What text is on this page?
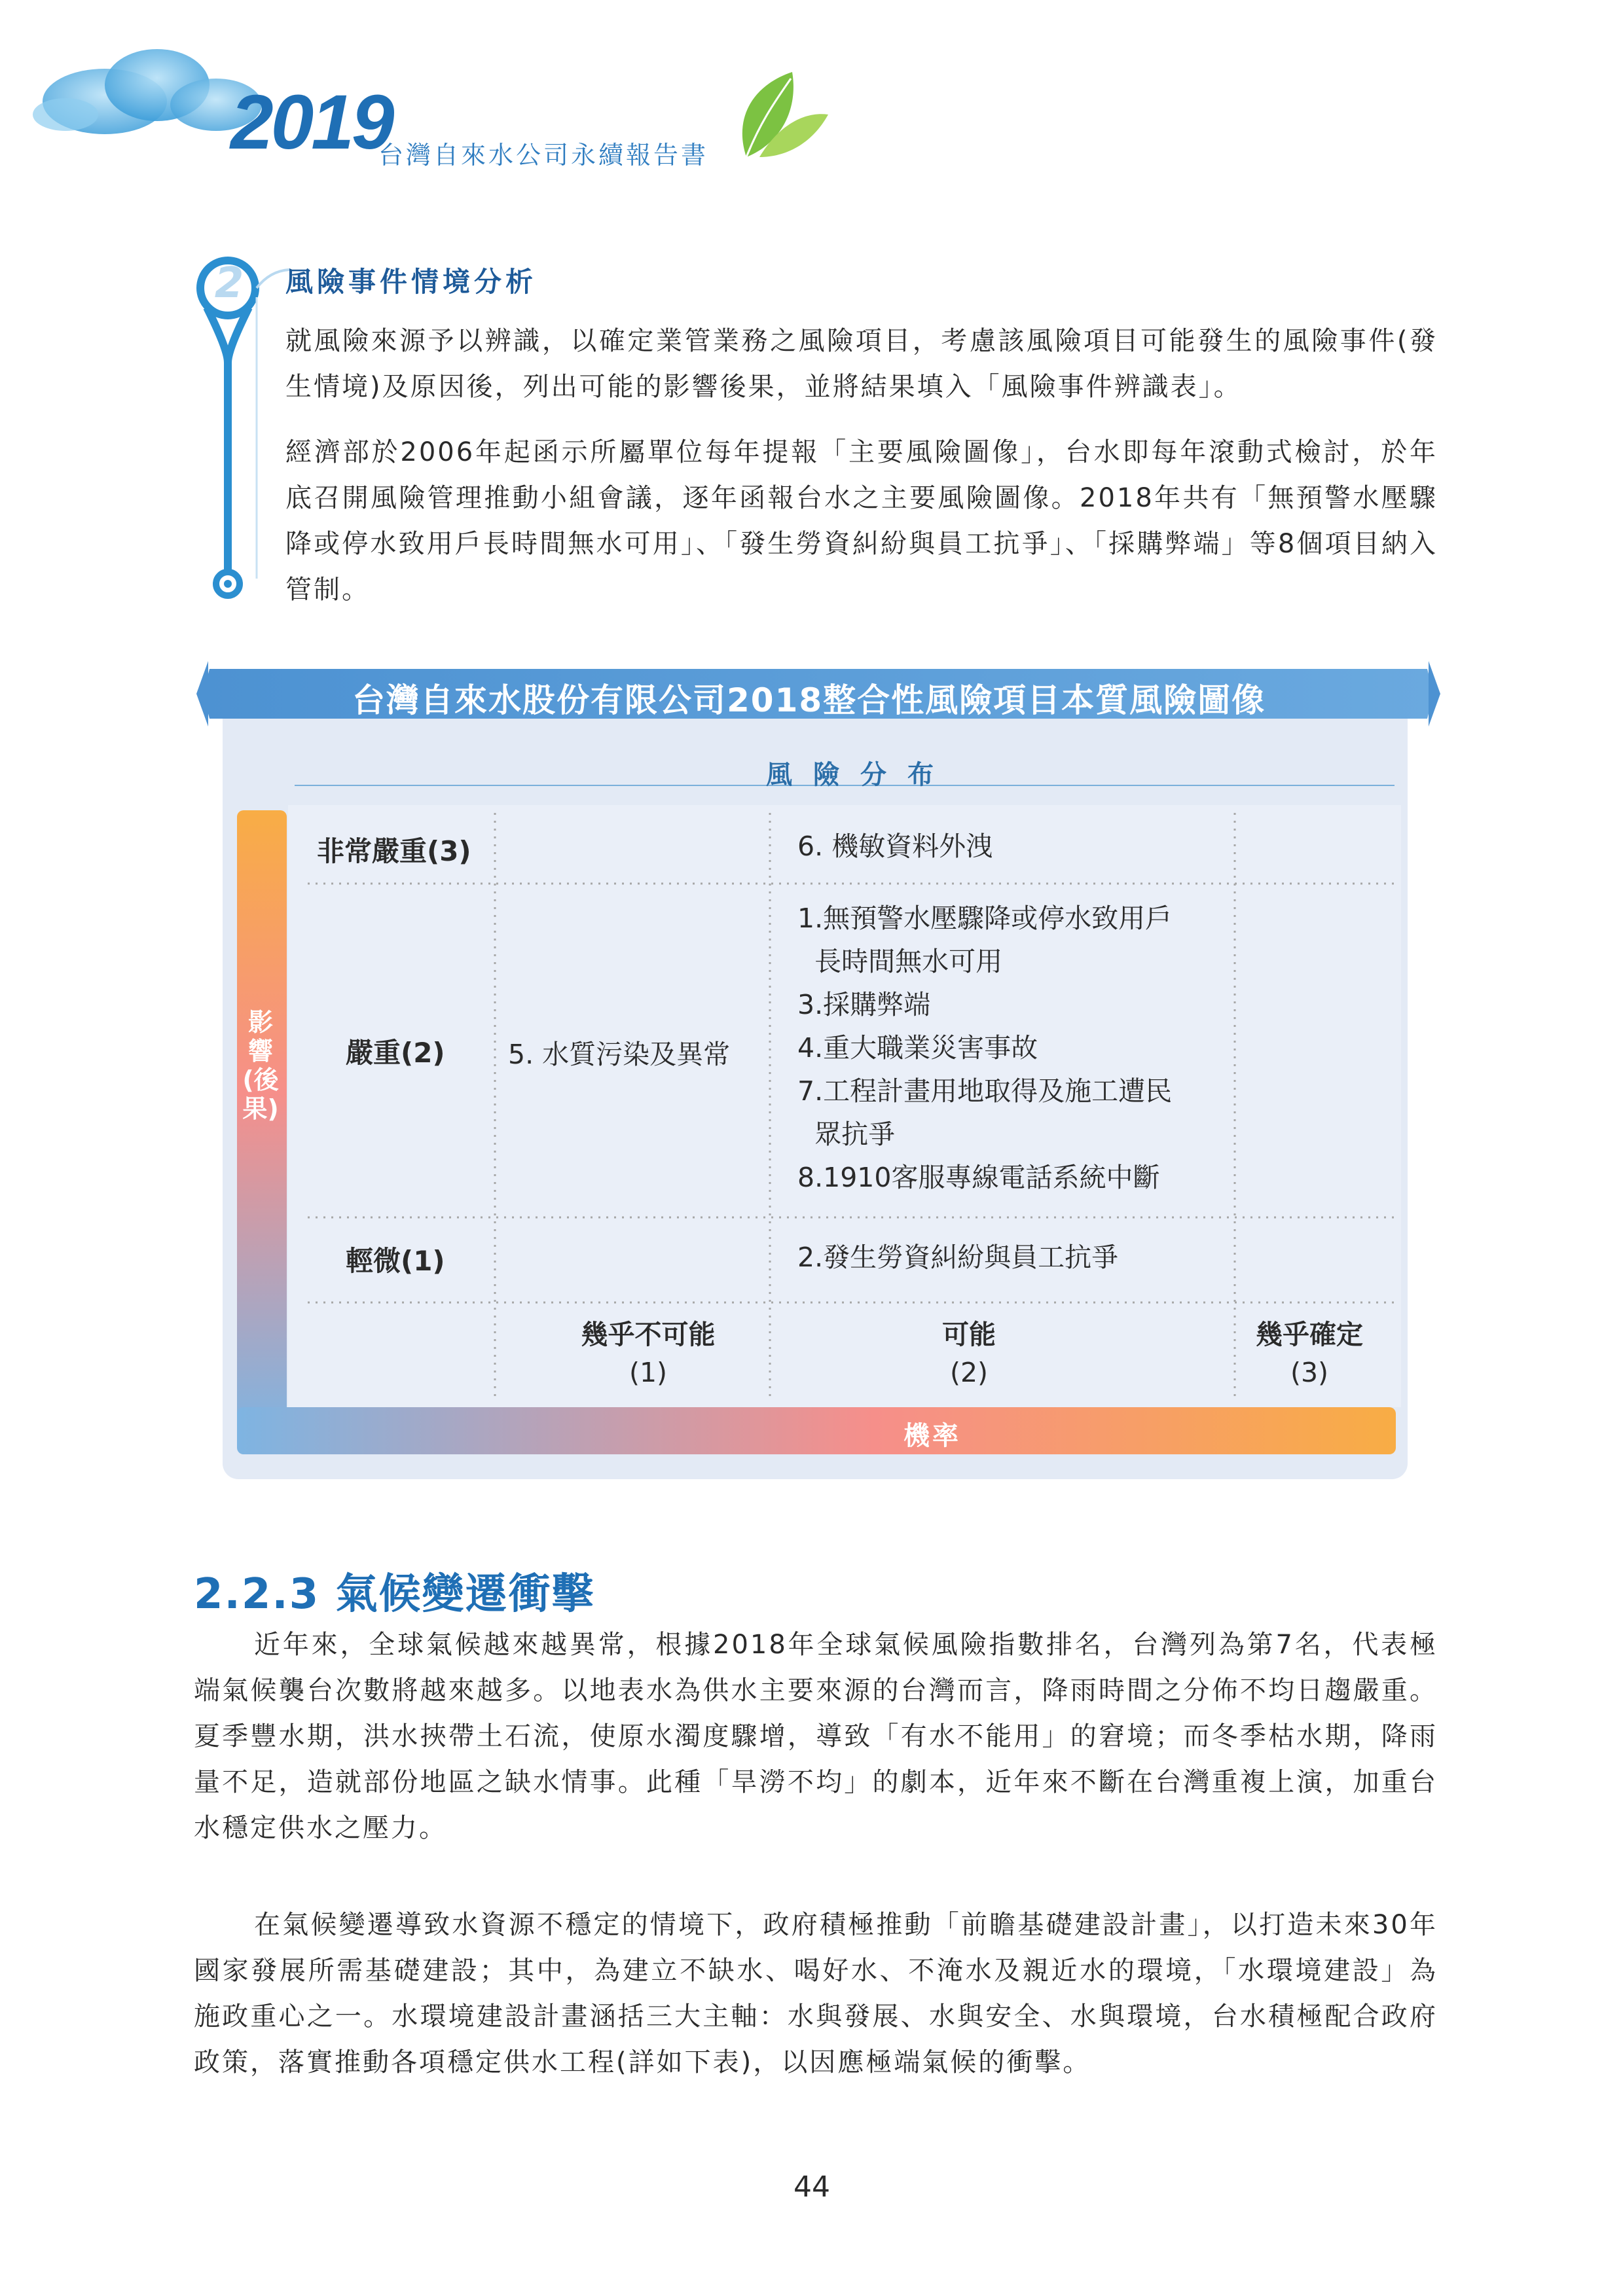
2019
台灣自來水公司永續報告書
2 風險事件情境分析
就風險來源予以辨識，以確定業管業務之風險項目，考慮該風險項目可能發生的風險事件(發生情境)及原因後，列出可能的影響後果，並將結果填入「風險事件辨識表」。
經濟部於2006年起函示所屬單位每年提報「主要風險圖像」，台水即每年滾動式檢討，於年底召開風險管理推動小組會議，逐年函報台水之主要風險圖像。2018年共有「無預警水壓驟降或停水致用戶長時間無水可用」、「發生勞資糾紛與員工抗爭」、「採購弊端」等8個項目納入管制。
台灣自來水股份有限公司2018整合性風險項目本質風險圖像
風險分布
非常嚴重(3)
嚴重(2)
輕微(1)
6. 機敏資料外洩
5. 水質污染及異常
1.無預警水壓驟降或停水致用戶
長時間無水可用
3.採購弊端
4.重大職業災害事故
7.工程計畫用地取得及施工遭民
眾抗爭
8.1910客服專線電話系統中斷
2.發生勞資糾紛與員工抗爭
幾乎不可能
(1)
可能
(2)
幾乎確定
(3)
影響(後果)
機率
2.2.3 氣候變遷衝擊
近年來，全球氣候越來越異常，根據2018年全球氣候風險指數排名，台灣列為第7名，代表極端氣候襲台次數將越來越多。以地表水為供水主要來源的台灣而言，降雨時間之分佈不均日趨嚴重。夏季豐水期，洪水挾帶土石流，使原水濁度驟增，導致「有水不能用」的窘境；而冬季枯水期，降雨量不足，造就部份地區之缺水情事。此種「旱澇不均」的劇本，近年來不斷在台灣重複上演，加重台水穩定供水之壓力。
在氣候變遷導致水資源不穩定的情境下，政府積極推動「前瞻基礎建設計畫」，以打造未來30年國家發展所需基礎建設；其中，為建立不缺水、喝好水、不淹水及親近水的環境，「水環境建設」為施政重心之一。水環境建設計畫涵括三大主軸：水與發展、水與安全、水與環境，台水積極配合政府政策，落實推動各項穩定供水工程(詳如下表)，以因應極端氣候的衝擊。
44
